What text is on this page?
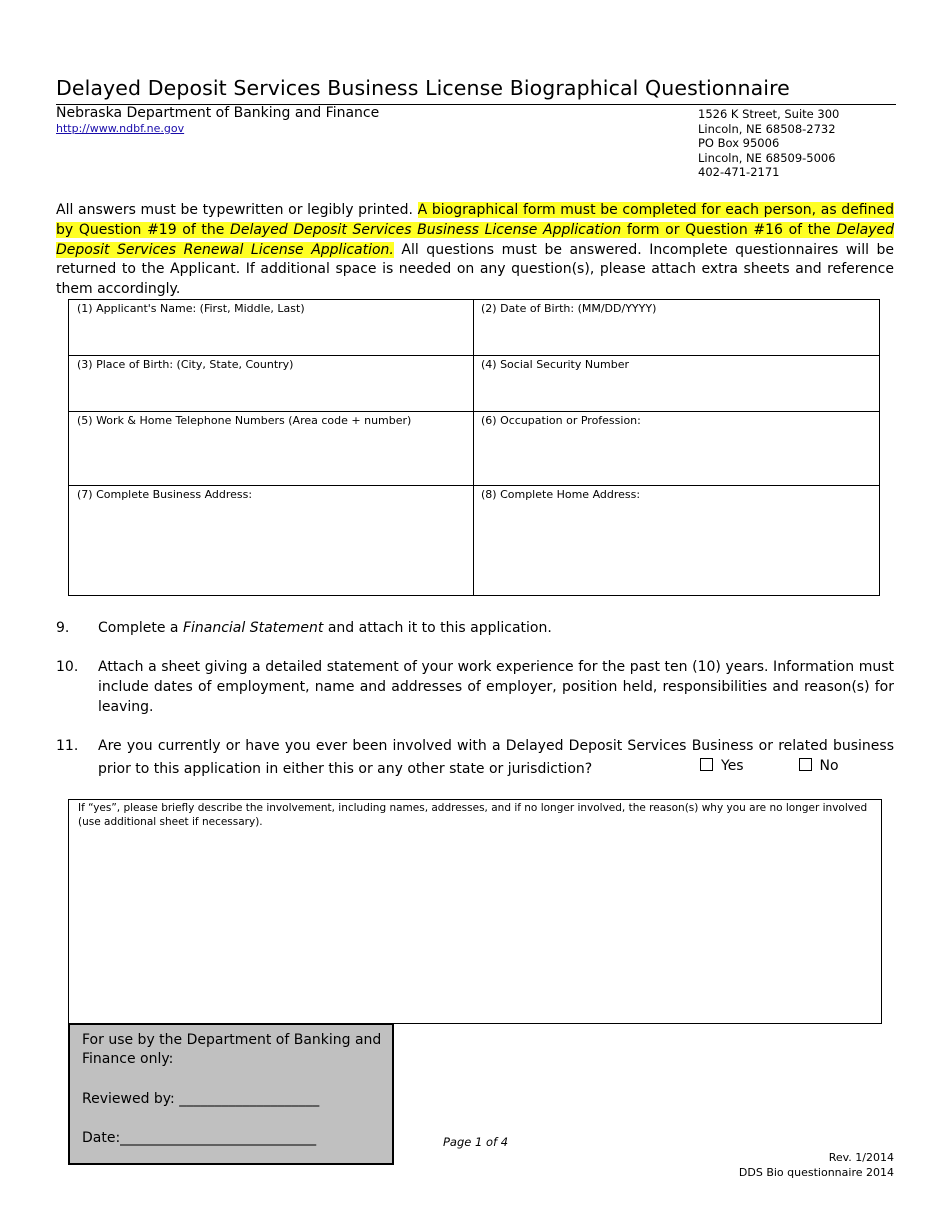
Delayed Deposit Services Business License Biographical Questionnaire
Nebraska Department of Banking and Finance
http://www.ndbf.ne.gov
1526 K Street, Suite 300
Lincoln, NE 68508-2732
PO Box 95006
Lincoln, NE 68509-5006
402-471-2171
All answers must be typewritten or legibly printed. A biographical form must be completed for each person, as defined by Question #19 of the Delayed Deposit Services Business License Application form or Question #16 of the Delayed Deposit Services Renewal License Application. All questions must be answered. Incomplete questionnaires will be returned to the Applicant. If additional space is needed on any question(s), please attach extra sheets and reference them accordingly.
(1) Applicant's Name: (First, Middle, Last)	(2) Date of Birth: (MM/DD/YYYY)
(3) Place of Birth: (City, State, Country)	(4) Social Security Number
(5) Work & Home Telephone Numbers (Area code + number)	(6) Occupation or Profession:
(7) Complete Business Address:	(8) Complete Home Address:
9. Complete a Financial Statement and attach it to this application.
10. Attach a sheet giving a detailed statement of your work experience for the past ten (10) years. Information must include dates of employment, name and addresses of employer, position held, responsibilities and reason(s) for leaving.
11. Are you currently or have you ever been involved with a Delayed Deposit Services Business or related business
prior to this application in either this or any other state or jurisdiction?	Yes	No
If “yes”, please briefly describe the involvement, including names, addresses, and if no longer involved, the reason(s) why you are no longer involved (use additional sheet if necessary).
For use by the Department of Banking and Finance only:
Reviewed by: ____________________
Date:____________________________	Page 1 of 4
Rev. 1/2014
DDS Bio questionnaire 2014
